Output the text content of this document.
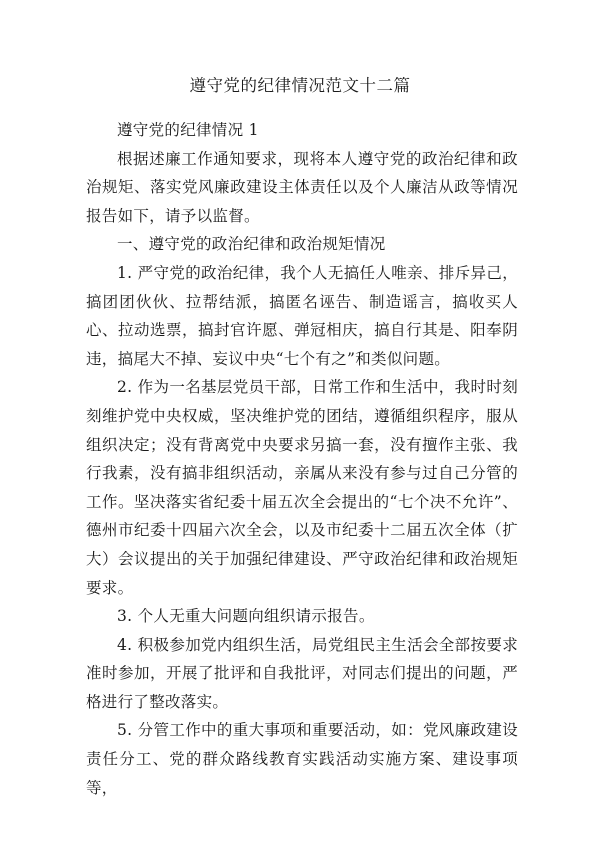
遵守党的纪律情况范文十二篇

遵守党的纪律情况 1

根据述廉工作通知要求，现将本人遵守党的政治纪律和政治规矩、落实党风廉政建设主体责任以及个人廉洁从政等情况报告如下，请予以监督。

一、遵守党的政治纪律和政治规矩情况

1. 严守党的政治纪律，我个人无搞任人唯亲、排斥异己，搞团团伙伙、拉帮结派，搞匿名诬告、制造谣言，搞收买人心、拉动选票，搞封官许愿、弹冠相庆，搞自行其是、阳奉阴违，搞尾大不掉、妄议中央“七个有之”和类似问题。

2. 作为一名基层党员干部，日常工作和生活中，我时时刻刻维护党中央权威，坚决维护党的团结，遵循组织程序，服从组织决定；没有背离党中央要求另搞一套，没有擅作主张、我行我素，没有搞非组织活动，亲属从来没有参与过自己分管的工作。坚决落实省纪委十届五次全会提出的“七个决不允许”、德州市纪委十四届六次全会，以及市纪委十二届五次全体（扩大）会议提出的关于加强纪律建设、严守政治纪律和政治规矩要求。

3. 个人无重大问题向组织请示报告。

4. 积极参加党内组织生活，局党组民主生活会全部按要求准时参加，开展了批评和自我批评，对同志们提出的问题，严格进行了整改落实。

5. 分管工作中的重大事项和重要活动，如：党风廉政建设责任分工、党的群众路线教育实践活动实施方案、建设事项等，
